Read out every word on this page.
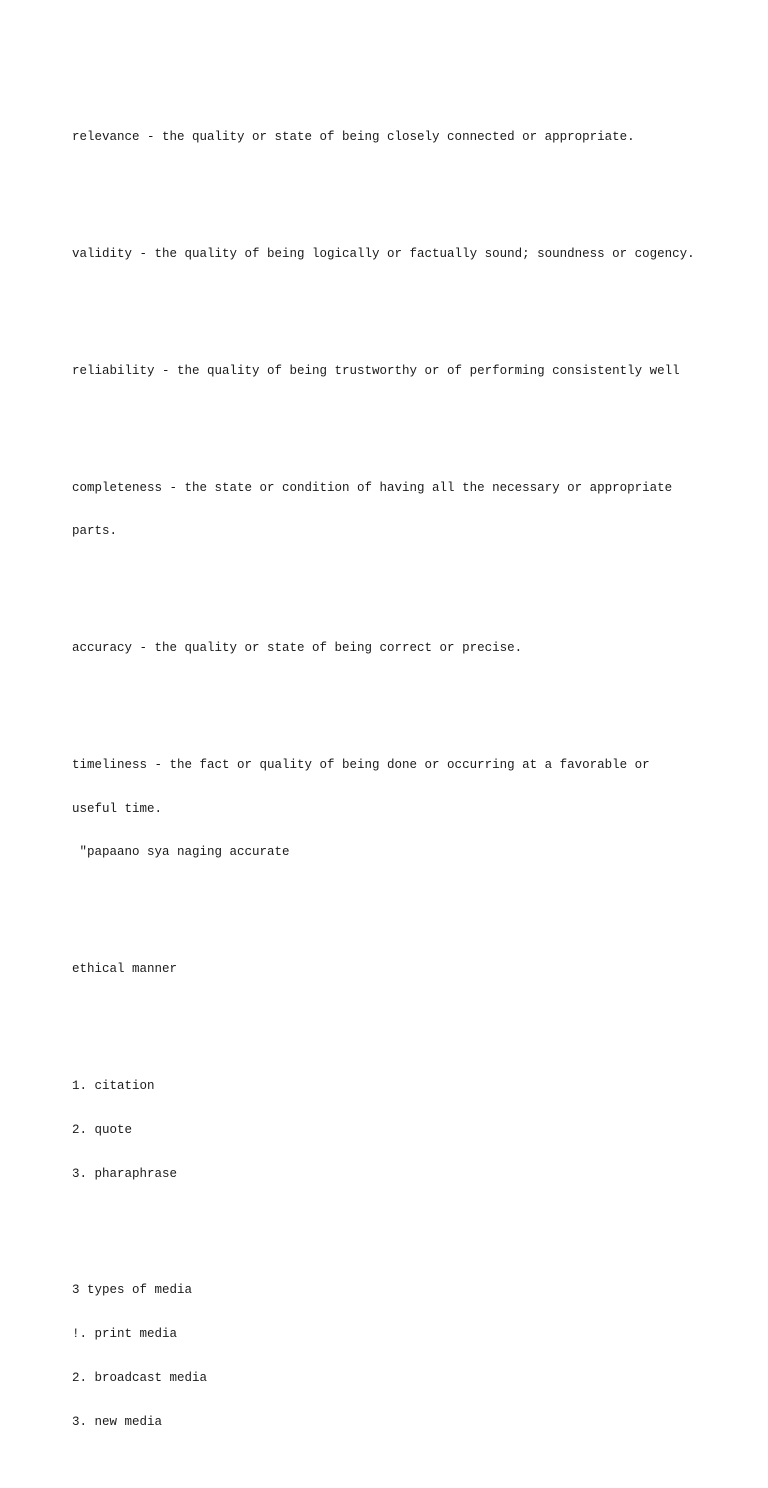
relevance - the quality or state of being closely connected or appropriate.

validity - the quality of being logically or factually sound; soundness or cogency.

reliability - the quality of being trustworthy or of performing consistently well

completeness - the state or condition of having all the necessary or appropriate

parts.

accuracy - the quality or state of being correct or precise.

timeliness - the fact or quality of being done or occurring at a favorable or

useful time.

"papaano sya naging accurate

ethical manner

1. citation

2. quote

3. pharaphrase

3 types of media

!. print media

2. broadcast media

3. new media
